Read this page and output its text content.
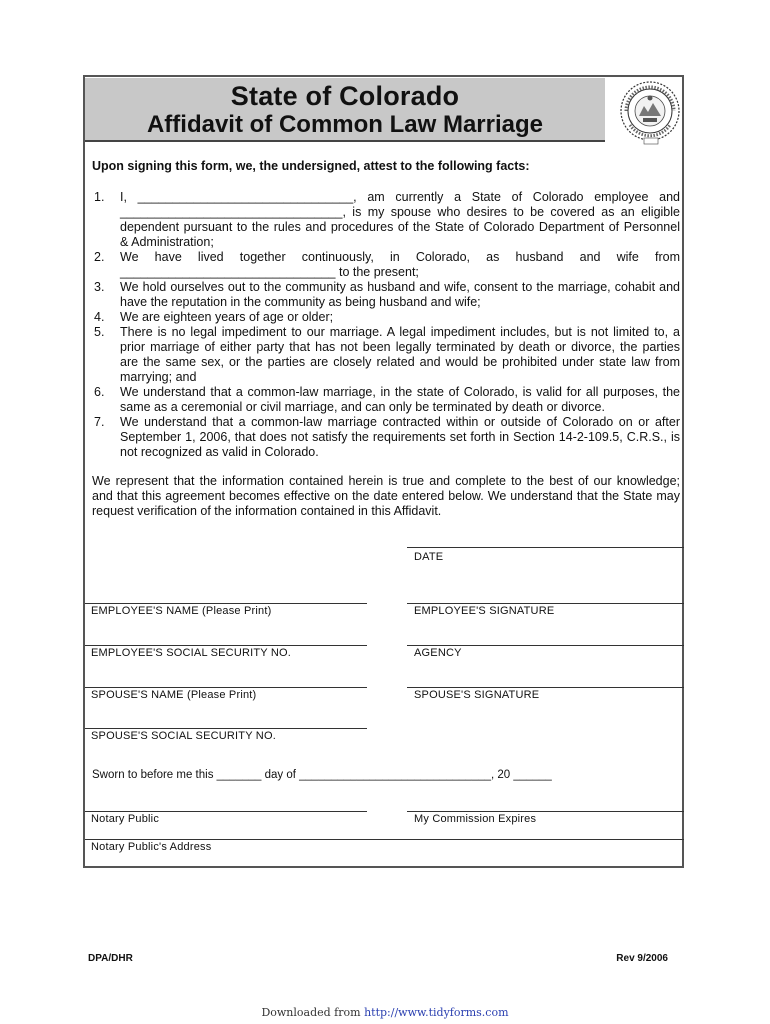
State of Colorado
Affidavit of Common Law Marriage
Upon signing this form, we, the undersigned, attest to the following facts:
1. I, _______________________________, am currently a State of Colorado employee and
________________________________, is my spouse who desires to be covered as an eligible
dependent pursuant to the rules and procedures of the State of Colorado Department of Personnel
& Administration;
2. We have lived together continuously, in Colorado, as husband and wife from
_______________________________ to the present;
3. We hold ourselves out to the community as husband and wife, consent to the marriage, cohabit and
have the reputation in the community as being husband and wife;
4. We are eighteen years of age or older;
5. There is no legal impediment to our marriage. A legal impediment includes, but is not limited to, a
prior marriage of either party that has not been legally terminated by death or divorce, the parties
are the same sex, or the parties are closely related and would be prohibited under state law from
marrying; and
6. We understand that a common-law marriage, in the state of Colorado, is valid for all purposes, the
same as a ceremonial or civil marriage, and can only be terminated by death or divorce.
7. We understand that a common-law marriage contracted within or outside of Colorado on or after
September 1, 2006, that does not satisfy the requirements set forth in Section 14-2-109.5, C.R.S., is
not recognized as valid in Colorado.
We represent that the information contained herein is true and complete to the best of our knowledge;
and that this agreement becomes effective on the date entered below. We understand that the State may
request verification of the information contained in this Affidavit.
DATE
EMPLOYEE'S NAME (Please Print)	EMPLOYEE'S SIGNATURE
EMPLOYEE'S SOCIAL SECURITY NO.	AGENCY
SPOUSE'S NAME (Please Print)	SPOUSE'S SIGNATURE
SPOUSE'S SOCIAL SECURITY NO.
Sworn to before me this _______ day of ______________________________, 20 ______
Notary Public	My Commission Expires
Notary Public's Address
DPA/DHR	Rev 9/2006
Downloaded from http://www.tidyforms.com
